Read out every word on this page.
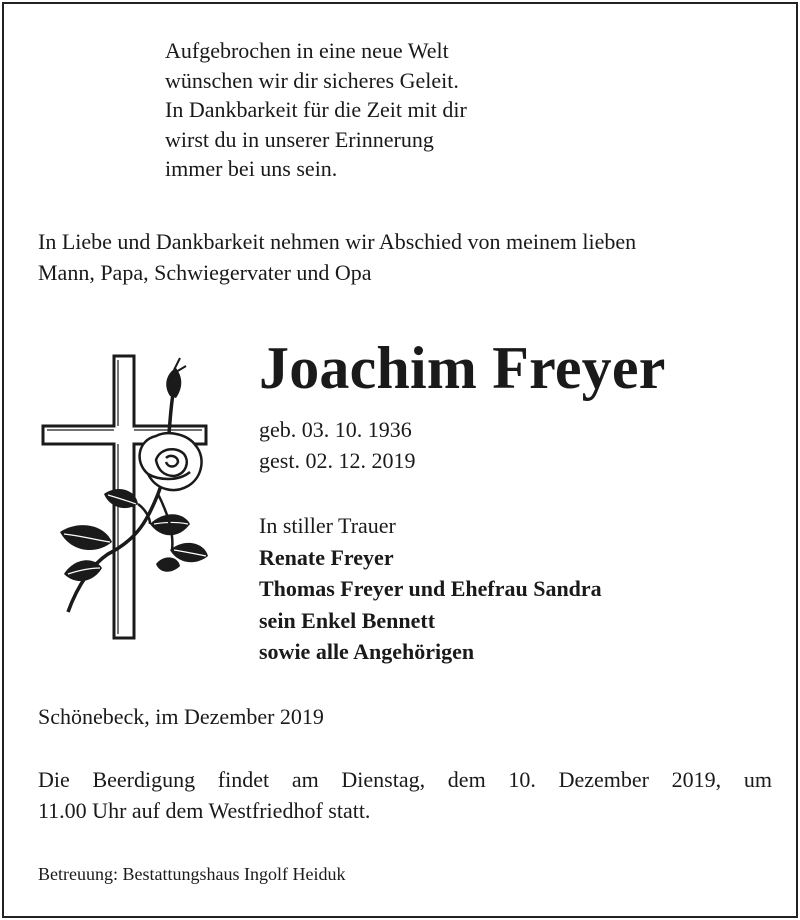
Aufgebrochen in eine neue Welt
wünschen wir dir sicheres Geleit.
In Dankbarkeit für die Zeit mit dir
wirst du in unserer Erinnerung
immer bei uns sein.
In Liebe und Dankbarkeit nehmen wir Abschied von meinem lieben
Mann, Papa, Schwiegervater und Opa
Joachim Freyer
geb. 03. 10. 1936
gest. 02. 12. 2019
In stiller Trauer
Renate Freyer
Thomas Freyer und Ehefrau Sandra
sein Enkel Bennett
sowie alle Angehörigen
Schönebeck, im Dezember 2019
Die Beerdigung findet am Dienstag, dem 10. Dezember 2019, um
11.00 Uhr auf dem Westfriedhof statt.
Betreuung: Bestattungshaus Ingolf Heiduk
